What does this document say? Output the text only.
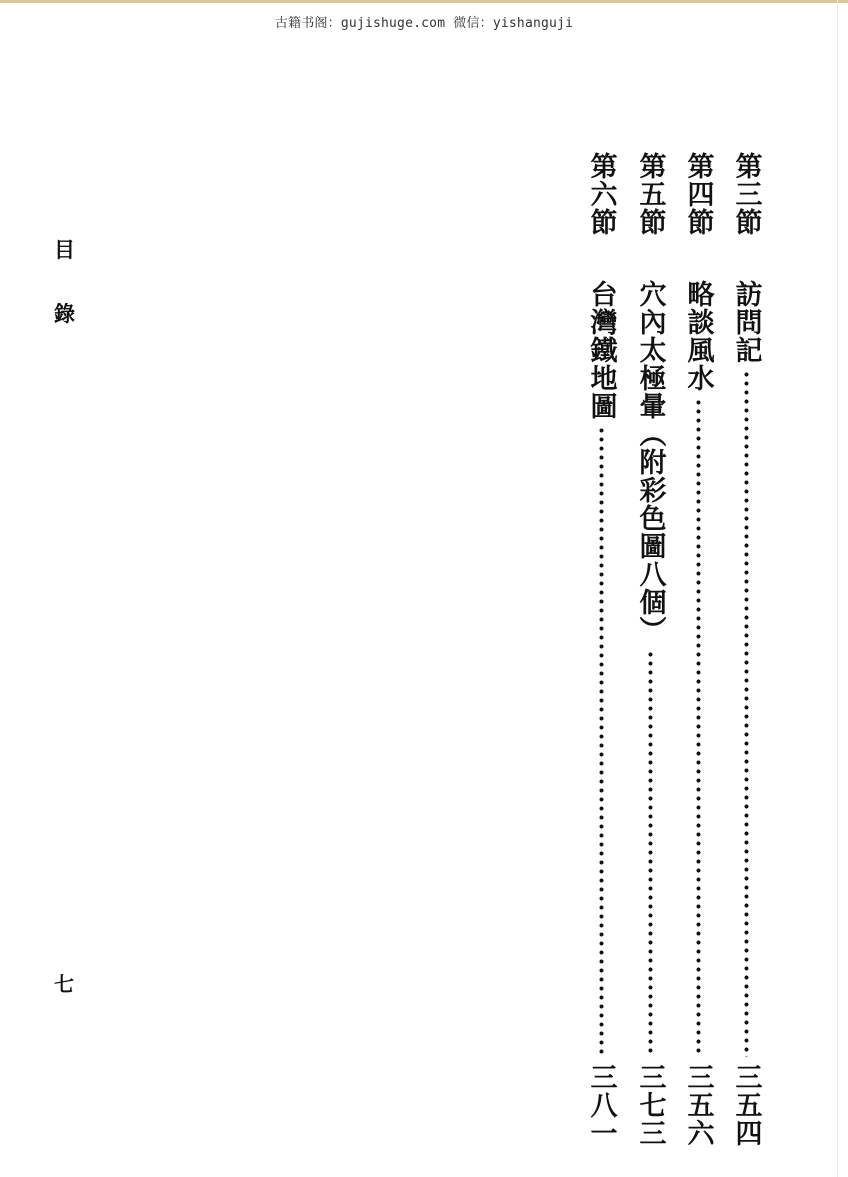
古籍书阁：gujishuge.com 微信：yishanguji
目
錄
七
第三節
訪問記
三五四
第四節
略談風水
三五六
第五節
穴內太極暈（附彩色圖八個）
三七三
第六節
台灣鐵地圖
三八一
